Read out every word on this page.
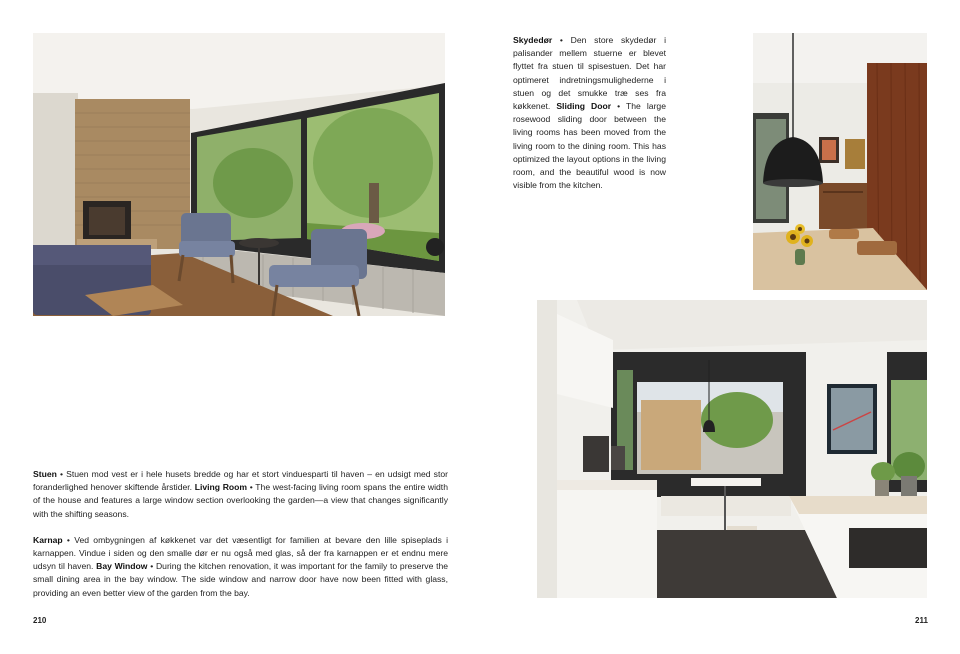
Skydedør • Den store skydedør i palisander mellem stuerne er blevet flyttet fra stuen til spisestuen. Det har optimeret indretningsmulighederne i stuen og det smukke træ ses fra køkkenet. Sliding Door • The large rosewood sliding door between the living rooms has been moved from the living room to the dining room. This has optimized the layout options in the living room, and the beautiful wood is now visible from the kitchen.

Stuen • Stuen mod vest er i hele husets bredde og har et stort vinduesparti til haven – en udsigt med stor foranderlighed henover skiftende årstider. Living Room • The west-facing living room spans the entire width of the house and features a large window section overlooking the garden—a view that changes significantly with the shifting seasons.

Karnap • Ved ombygningen af køkkenet var det væsentligt for familien at bevare den lille spiseplads i karnappen. Vindue i siden og den smalle dør er nu også med glas, så der fra karnappen er et endnu mere udsyn til haven. Bay Window • During the kitchen renovation, it was important for the family to preserve the small dining area in the bay window. The side window and narrow door have now been fitted with glass, providing an even better view of the garden from the bay.

210	211
